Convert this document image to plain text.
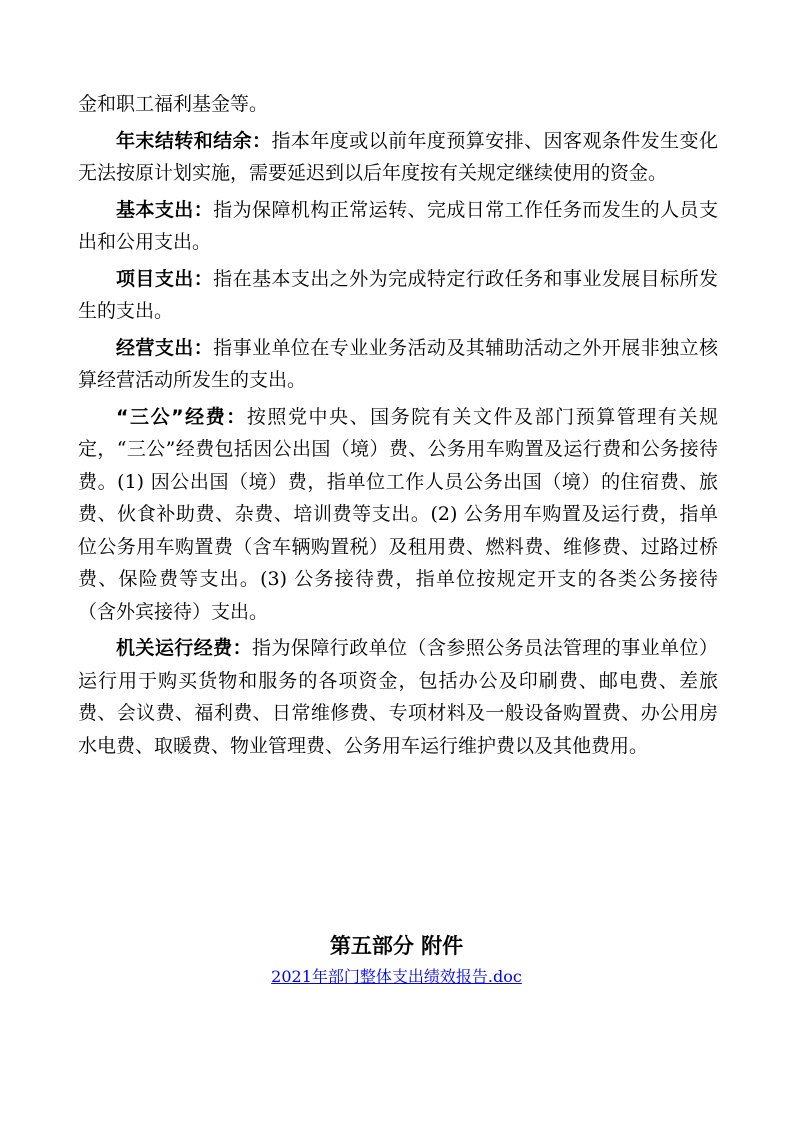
金和职工福利基金等。

年末结转和结余：指本年度或以前年度预算安排、因客观条件发生变化无法按原计划实施，需要延迟到以后年度按有关规定继续使用的资金。

基本支出：指为保障机构正常运转、完成日常工作任务而发生的人员支出和公用支出。

项目支出：指在基本支出之外为完成特定行政任务和事业发展目标所发生的支出。

经营支出：指事业单位在专业业务活动及其辅助活动之外开展非独立核算经营活动所发生的支出。

“三公”经费：按照党中央、国务院有关文件及部门预算管理有关规定，“三公”经费包括因公出国（境）费、公务用车购置及运行费和公务接待费。(1) 因公出国（境）费，指单位工作人员公务出国（境）的住宿费、旅费、伙食补助费、杂费、培训费等支出。(2) 公务用车购置及运行费，指单位公务用车购置费（含车辆购置税）及租用费、燃料费、维修费、过路过桥费、保险费等支出。(3) 公务接待费，指单位按规定开支的各类公务接待（含外宾接待）支出。

机关运行经费：指为保障行政单位（含参照公务员法管理的事业单位）运行用于购买货物和服务的各项资金，包括办公及印刷费、邮电费、差旅费、会议费、福利费、日常维修费、专项材料及一般设备购置费、办公用房水电费、取暖费、物业管理费、公务用车运行维护费以及其他费用。

第五部分 附件
2021年部门整体支出绩效报告.doc
